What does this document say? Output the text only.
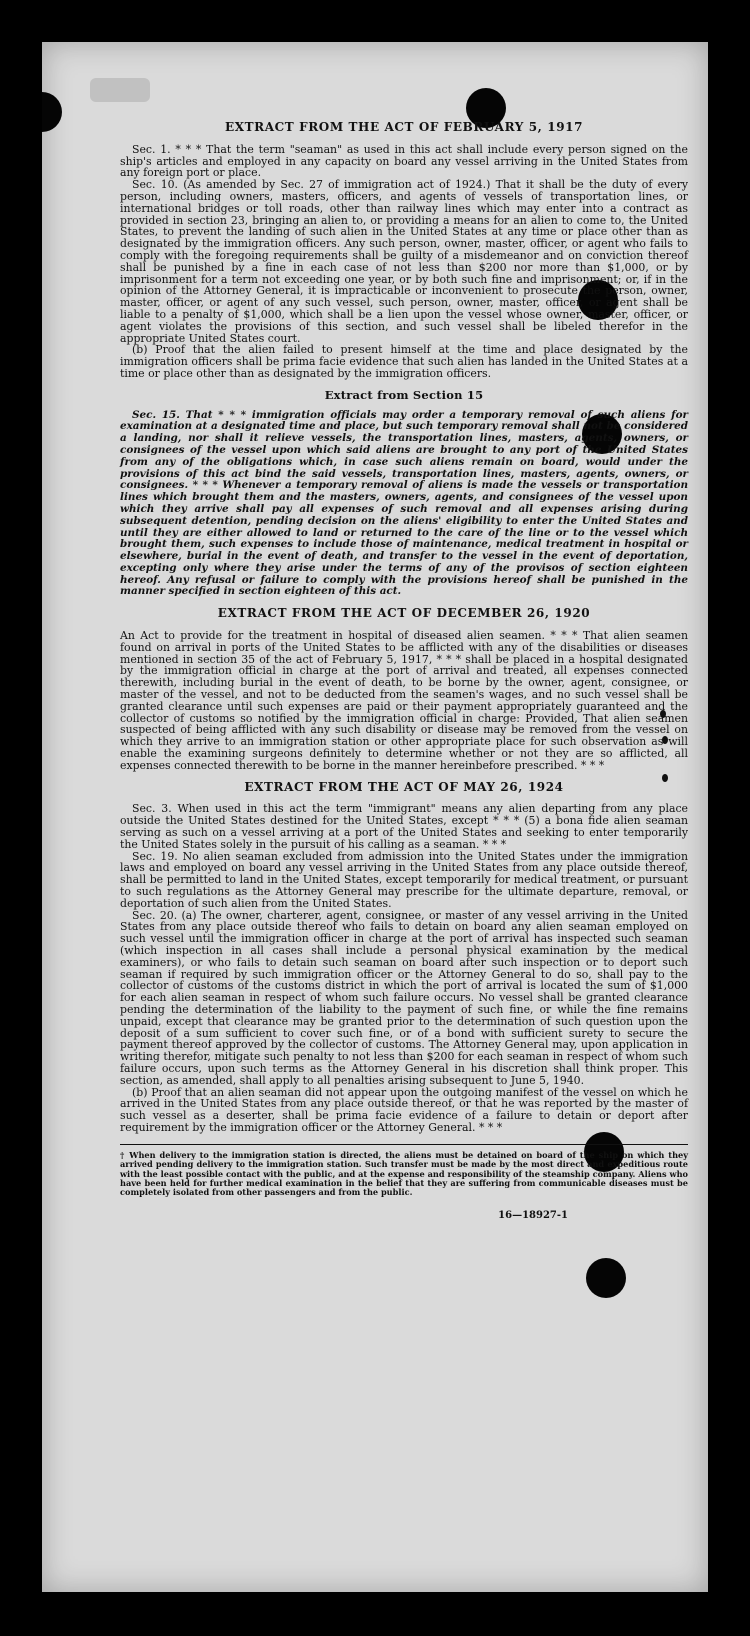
EXTRACT FROM THE ACT OF FEBRUARY 5, 1917

Sec. 1. * * * That the term "seaman" as used in this act shall include every person signed on the ship's articles and employed in any capacity on board any vessel arriving in the United States from any foreign port or place.

Sec. 10. (As amended by Sec. 27 of immigration act of 1924.) That it shall be the duty of every person, including owners, masters, officers, and agents of vessels of transportation lines, or international bridges or toll roads, other than railway lines which may enter into a contract as provided in section 23, bringing an alien to, or providing a means for an alien to come to, the United States, to prevent the landing of such alien in the United States at any time or place other than as designated by the immigration officers. Any such person, owner, master, officer, or agent who fails to comply with the foregoing requirements shall be guilty of a misdemeanor and on conviction thereof shall be punished by a fine in each case of not less than $200 nor more than $1,000, or by imprisonment for a term not exceeding one year, or by both such fine and imprisonment; or, if in the opinion of the Attorney General, it is impracticable or inconvenient to prosecute the person, owner, master, officer, or agent of any such vessel, such person, owner, master, officer, or agent shall be liable to a penalty of $1,000, which shall be a lien upon the vessel whose owner, master, officer, or agent violates the provisions of this section, and such vessel shall be libeled therefor in the appropriate United States court.

(b) Proof that the alien failed to present himself at the time and place designated by the immigration officers shall be prima facie evidence that such alien has landed in the United States at a time or place other than as designated by the immigration officers.

Extract from Section 15

Sec. 15. That * * * immigration officials may order a temporary removal of such aliens for examination at a designated time and place, but such temporary removal shall not be considered a landing, nor shall it relieve vessels, the transportation lines, masters, agents, owners, or consignees of the vessel upon which said aliens are brought to any port of the United States from any of the obligations which, in case such aliens remain on board, would under the provisions of this act bind the said vessels, transportation lines, masters, agents, owners, or consignees. * * * Whenever a temporary removal of aliens is made the vessels or transportation lines which brought them and the masters, owners, agents, and consignees of the vessel upon which they arrive shall pay all expenses of such removal and all expenses arising during subsequent detention, pending decision on the aliens' eligibility to enter the United States and until they are either allowed to land or returned to the care of the line or to the vessel which brought them, such expenses to include those of maintenance, medical treatment in hospital or elsewhere, burial in the event of death, and transfer to the vessel in the event of deportation, excepting only where they arise under the terms of any of the provisos of section eighteen hereof. Any refusal or failure to comply with the provisions hereof shall be punished in the manner specified in section eighteen of this act.

EXTRACT FROM THE ACT OF DECEMBER 26, 1920

An Act to provide for the treatment in hospital of diseased alien seamen. * * * That alien seamen found on arrival in ports of the United States to be afflicted with any of the disabilities or diseases mentioned in section 35 of the act of February 5, 1917, * * * shall be placed in a hospital designated by the immigration official in charge at the port of arrival and treated, all expenses connected therewith, including burial in the event of death, to be borne by the owner, agent, consignee, or master of the vessel, and not to be deducted from the seamen's wages, and no such vessel shall be granted clearance until such expenses are paid or their payment appropriately guaranteed and the collector of customs so notified by the immigration official in charge: Provided, That alien seamen suspected of being afflicted with any such disability or disease may be removed from the vessel on which they arrive to an immigration station or other appropriate place for such observation as will enable the examining surgeons definitely to determine whether or not they are so afflicted, all expenses connected therewith to be borne in the manner hereinbefore prescribed. * * *

EXTRACT FROM THE ACT OF MAY 26, 1924

Sec. 3. When used in this act the term "immigrant" means any alien departing from any place outside the United States destined for the United States, except * * * (5) a bona fide alien seaman serving as such on a vessel arriving at a port of the United States and seeking to enter temporarily the United States solely in the pursuit of his calling as a seaman. * * *

Sec. 19. No alien seaman excluded from admission into the United States under the immigration laws and employed on board any vessel arriving in the United States from any place outside thereof, shall be permitted to land in the United States, except temporarily for medical treatment, or pursuant to such regulations as the Attorney General may prescribe for the ultimate departure, removal, or deportation of such alien from the United States.

Sec. 20. (a) The owner, charterer, agent, consignee, or master of any vessel arriving in the United States from any place outside thereof who fails to detain on board any alien seaman employed on such vessel until the immigration officer in charge at the port of arrival has inspected such seaman (which inspection in all cases shall include a personal physical examination by the medical examiners), or who fails to detain such seaman on board after such inspection or to deport such seaman if required by such immigration officer or the Attorney General to do so, shall pay to the collector of customs of the customs district in which the port of arrival is located the sum of $1,000 for each alien seaman in respect of whom such failure occurs. No vessel shall be granted clearance pending the determination of the liability to the payment of such fine, or while the fine remains unpaid, except that clearance may be granted prior to the determination of such question upon the deposit of a sum sufficient to cover such fine, or of a bond with sufficient surety to secure the payment thereof approved by the collector of customs. The Attorney General may, upon application in writing therefor, mitigate such penalty to not less than $200 for each seaman in respect of whom such failure occurs, upon such terms as the Attorney General in his discretion shall think proper. This section, as amended, shall apply to all penalties arising subsequent to June 5, 1940.

(b) Proof that an alien seaman did not appear upon the outgoing manifest of the vessel on which he arrived in the United States from any place outside thereof, or that he was reported by the master of such vessel as a deserter, shall be prima facie evidence of a failure to detain or deport after requirement by the immigration officer or the Attorney General. * * *

† When delivery to the immigration station is directed, the aliens must be detained on board of the ship on which they arrived pending delivery to the immigration station. Such transfer must be made by the most direct and expeditious route with the least possible contact with the public, and at the expense and responsibility of the steamship company. Aliens who have been held for further medical examination in the belief that they are suffering from communicable diseases must be completely isolated from other passengers and from the public.
16—18927-1
